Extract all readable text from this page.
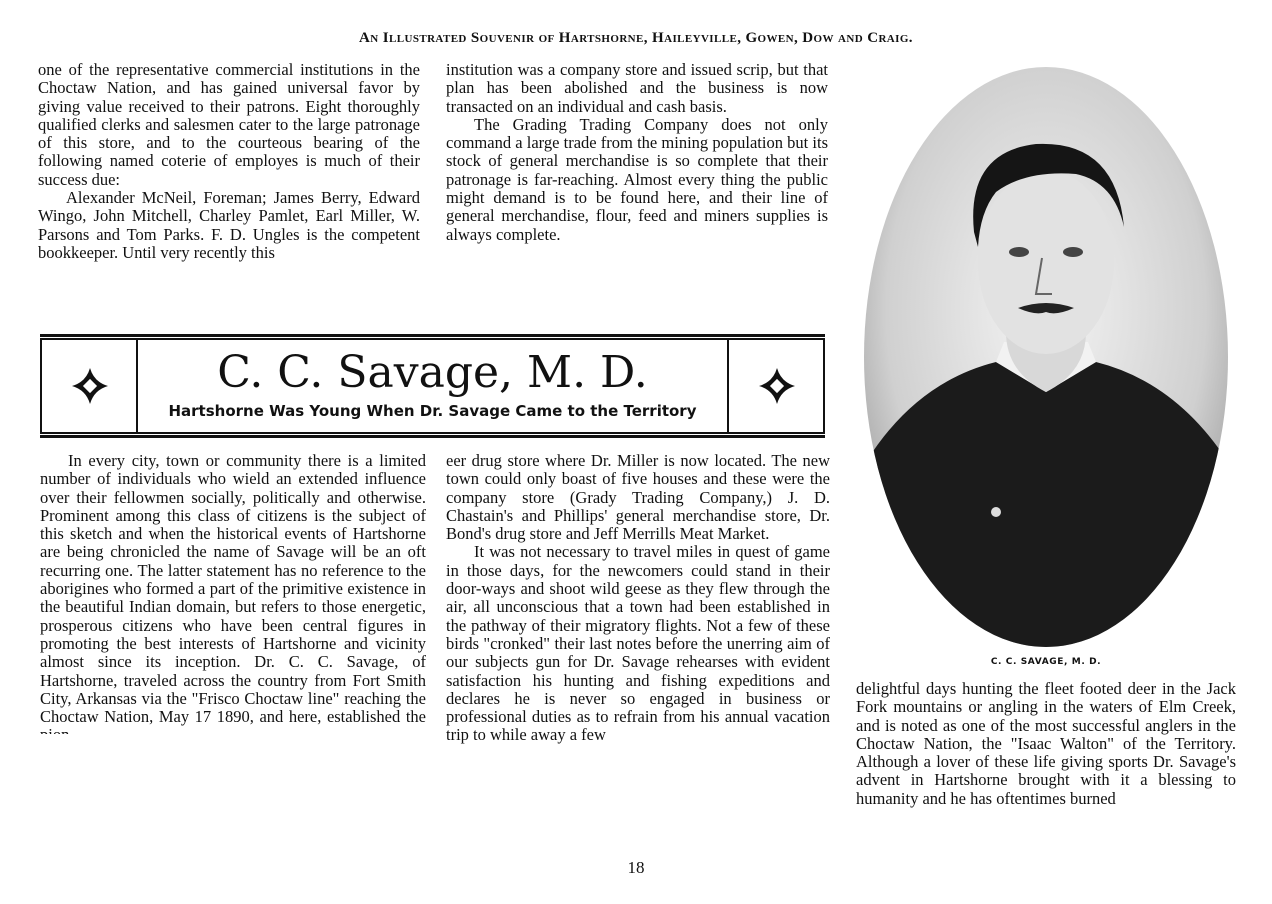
An Illustrated Souvenir of Hartshorne, Haileyville, Gowen, Dow and Craig.

one of the representative commercial institutions in the Choctaw Nation, and has gained universal favor by giving value received to their patrons. Eight thoroughly qualified clerks and salesmen cater to the large patronage of this store, and to the courteous bearing of the following named coterie of employes is much of their success due:

Alexander McNeil, Foreman; James Berry, Edward Wingo, John Mitchell, Charley Pamlet, Earl Miller, W. Parsons and Tom Parks. F. D. Ungles is the competent bookkeeper. Until very recently this

institution was a company store and issued scrip, but that plan has been abolished and the business is now transacted on an individual and cash basis.

The Grading Trading Company does not only command a large trade from the mining population but its stock of general merchandise is so complete that their patronage is far-reaching. Almost every thing the public might demand is to be found here, and their line of general merchandise, flour, feed and miners supplies is always complete.

C. C. Savage, M. D.
Hartshorne Was Young When Dr. Savage Came to the Territory

In every city, town or community there is a limited number of individuals who wield an extended influence over their fellowmen socially, politically and otherwise. Prominent among this class of citizens is the subject of this sketch and when the historical events of Hartshorne are being chronicled the name of Savage will be an oft recurring one. The latter statement has no reference to the aborigines who formed a part of the primitive existence in the beautiful Indian domain, but refers to those energetic, prosperous citizens who have been central figures in promoting the best interests of Hartshorne and vicinity almost since its inception. Dr. C. C. Savage, of Hartshorne, traveled across the country from Fort Smith City, Arkansas via the "Frisco Choctaw line" reaching the Choctaw Nation, May 17 1890, and here, established the

eer drug store where Dr. Miller is now located. The new town could only boast of five houses and these were the company store (Grady Trading Company,) J. D. Chastain's and Phillips' general merchandise store, Dr. Bond's drug store and Jeff Merrills Meat Market.

It was not necessary to travel miles in quest of game in those days, for the newcomers could stand in their door-ways and shoot wild geese as they flew through the air, all unconscious that a town had been established in the pathway of their migratory flights. Not a few of these birds "cronked" their last notes before the unerring aim of our subjects gun for Dr. Savage rehearses with evident satisfaction his hunting and fishing expeditions and declares he is never so engaged in business or professional duties as to refrain from his annual vacation trip to while away a few

C. C. SAVAGE, M. D.

delightful days hunting the fleet footed deer in the Jack Fork mountains or angling in the waters of Elm Creek, and is noted as one of the most successful anglers in the Choctaw Nation, the "Isaac Walton" of the Territory. Although a lover of these life giving sports Dr. Savage's advent in Hartshorne brought with it a blessing to humanity and he has oftentimes burned

18
